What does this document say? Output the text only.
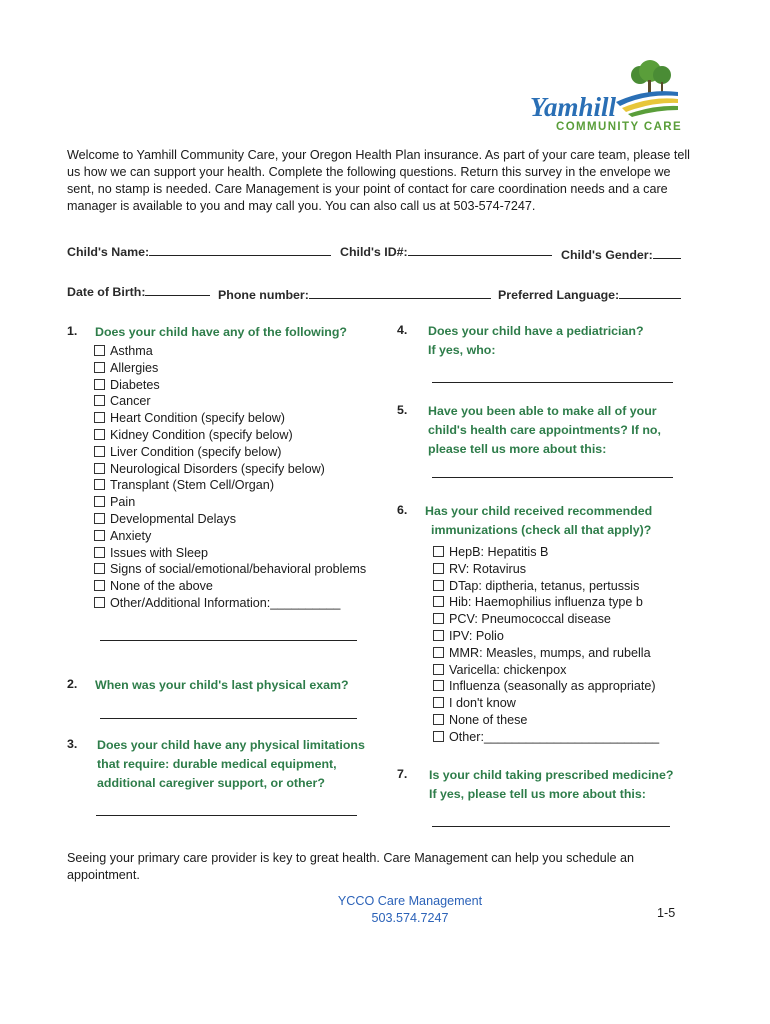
Yamhill
COMMUNITY CARE

Welcome to Yamhill Community Care, your Oregon Health Plan insurance. As part of your care team, please tell us how we can support your health. Complete the following questions. Return this survey in the envelope we sent, no stamp is needed. Care Management is your point of contact for care coordination needs and a care manager is available to you and may call you. You can also call us at 503-574-7247.

Child's Name:	Child's ID#:	Child's Gender:
Date of Birth:	Phone number:	Preferred Language:
1. Does your child have any of the following?

Asthma
Allergies
Diabetes
Cancer
Heart Condition (specify below)
Kidney Condition (specify below)
Liver Condition (specify below)
Neurological Disorders (specify below)
Transplant (Stem Cell/Organ)
Pain
Developmental Delays
Anxiety
Issues with Sleep
Signs of social/emotional/behavioral problems
None of the above
Other/Additional Information:__________
2. When was your child's last physical exam?

3. Does your child have any physical limitations

that require: durable medical equipment,

additional caregiver support, or other?

4. Does your child have a pediatrician?

If yes, who:

5. Have you been able to make all of your

child's health care appointments? If no,

please tell us more about this:

6. Has your child received recommended

immunizations (check all that apply)?

HepB: Hepatitis B
RV: Rotavirus
DTap: diptheria, tetanus, pertussis
Hib: Haemophilius influenza type b
PCV: Pneumococcal disease
IPV: Polio
MMR: Measles, mumps, and rubella
Varicella: chickenpox
Influenza (seasonally as appropriate)
I don't know
None of these
Other:_________________________
7. Is your child taking prescribed medicine?

If yes, please tell us more about this:

Seeing your primary care provider is key to great health. Care Management can help you schedule an appointment.

YCCO Care Management
503.574.7247	1-5
